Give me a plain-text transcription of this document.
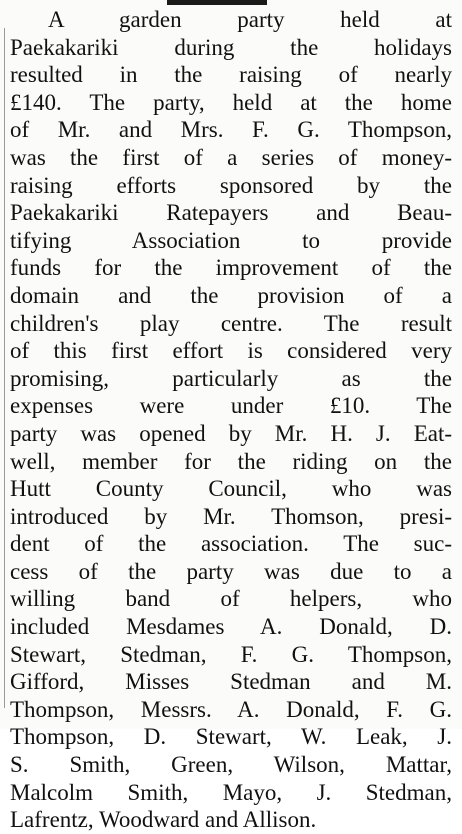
A garden party held at
Paekakariki during the holidays
resulted in the raising of nearly
£140. The party, held at the home
of Mr. and Mrs. F. G. Thompson,
was the first of a series of money-
raising efforts sponsored by the
Paekakariki Ratepayers and Beau-
tifying Association to provide
funds for the improvement of the
domain and the provision of a
children's play centre. The result
of this first effort is considered very
promising, particularly as the
expenses were under £10. The
party was opened by Mr. H. J. Eat-
well, member for the riding on the
Hutt County Council, who was
introduced by Mr. Thomson, presi-
dent of the association. The suc-
cess of the party was due to a
willing band of helpers, who
included Mesdames A. Donald, D.
Stewart, Stedman, F. G. Thompson,
Gifford, Misses Stedman and M.
Thompson, Messrs. A. Donald, F. G.
Thompson, D. Stewart, W. Leak, J.
S. Smith, Green, Wilson, Mattar,
Malcolm Smith, Mayo, J. Stedman,
Lafrentz, Woodward and Allison.
